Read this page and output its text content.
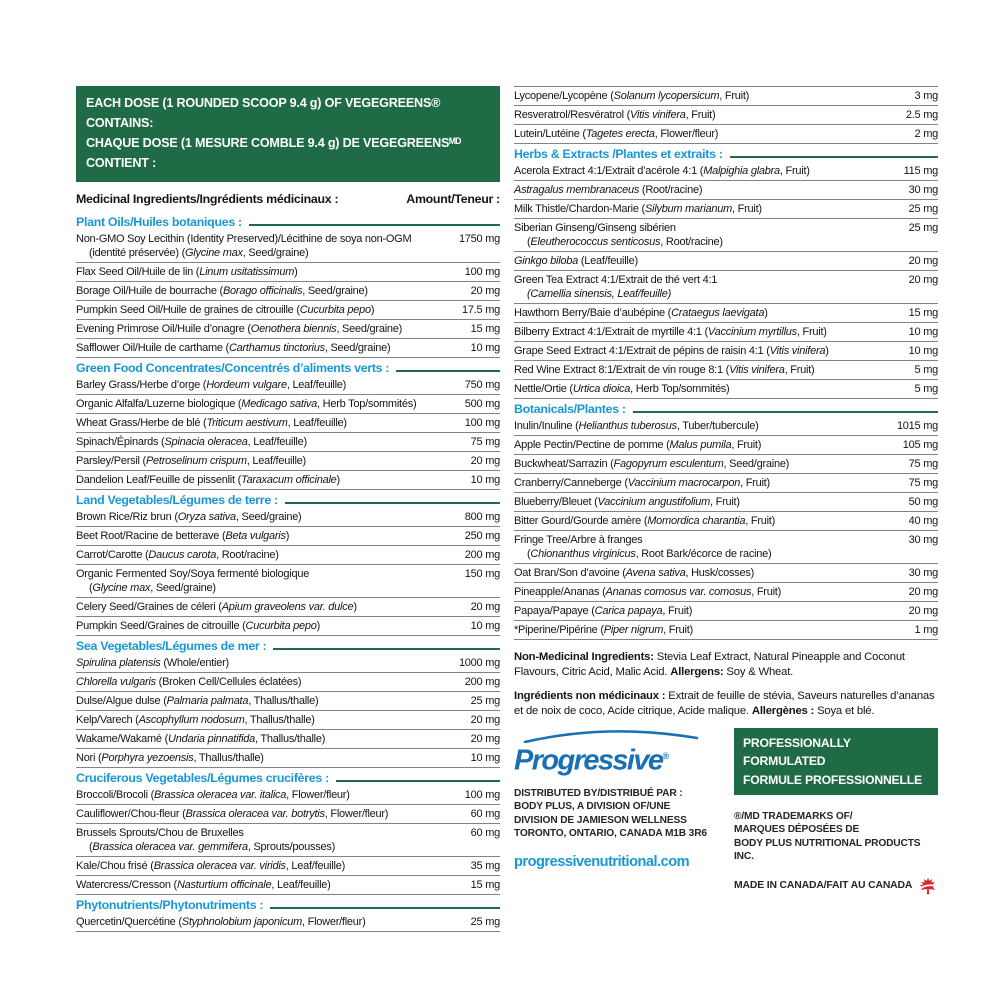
EACH DOSE (1 ROUNDED SCOOP 9.4 g) OF VEGEGREENS® CONTAINS:
CHAQUE DOSE (1 MESURE COMBLE 9.4 g) DE VEGEGREENSᴹᴰ CONTIENT :
Medicinal Ingredients/Ingrédients médicinaux :	Amount/Teneur :
Plant Oils/Huiles botaniques :
Non-GMO Soy Lecithin (Identity Preserved)/Lécithine de soya non-OGM
(identité préservée) (Glycine max, Seed/graine)
1750 mg
Flax Seed Oil/Huile de lin (Linum usitatissimum)	100 mg
Borage Oil/Huile de bourrache (Borago officinalis, Seed/graine)	20 mg
Pumpkin Seed Oil/Huile de graines de citrouille (Cucurbita pepo)	17.5 mg
Evening Primrose Oil/Huile d’onagre (Oenothera biennis, Seed/graine)	15 mg
Safflower Oil/Huile de carthame (Carthamus tinctorius, Seed/graine)	10 mg
Green Food Concentrates/Concentrés d’aliments verts :
Barley Grass/Herbe d’orge (Hordeum vulgare, Leaf/feuille)	750 mg
Organic Alfalfa/Luzerne biologique (Medicago sativa, Herb Top/sommités)	500 mg
Wheat Grass/Herbe de blé (Triticum aestivum, Leaf/feuille)	100 mg
Spinach/Épinards (Spinacia oleracea, Leaf/feuille)	75 mg
Parsley/Persil (Petroselinum crispum, Leaf/feuille)	20 mg
Dandelion Leaf/Feuille de pissenlit (Taraxacum officinale)	10 mg
Land Vegetables/Légumes de terre :
Brown Rice/Riz brun (Oryza sativa, Seed/graine)	800 mg
Beet Root/Racine de betterave (Beta vulgaris)	250 mg
Carrot/Carotte (Daucus carota, Root/racine)	200 mg
Organic Fermented Soy/Soya fermenté biologique
(Glycine max, Seed/graine)
150 mg
Celery Seed/Graines de céleri (Apium graveolens var. dulce)	20 mg
Pumpkin Seed/Graines de citrouille (Cucurbita pepo)	10 mg
Sea Vegetables/Légumes de mer :
Spirulina platensis (Whole/entier)	1000 mg
Chlorella vulgaris (Broken Cell/Cellules éclatées)	200 mg
Dulse/Algue dulse (Palmaria palmata, Thallus/thalle)	25 mg
Kelp/Varech (Ascophyllum nodosum, Thallus/thalle)	20 mg
Wakame/Wakamé (Undaria pinnatifida, Thallus/thalle)	20 mg
Nori (Porphyra yezoensis, Thallus/thalle)	10 mg
Cruciferous Vegetables/Légumes crucifères :
Broccoli/Brocoli (Brassica oleracea var. italica, Flower/fleur)	100 mg
Cauliflower/Chou-fleur (Brassica oleracea var. botrytis, Flower/fleur)	60 mg
Brussels Sprouts/Chou de Bruxelles
(Brassica oleracea var. gemmifera, Sprouts/pousses)
60 mg
Kale/Chou frisé (Brassica oleracea var. viridis, Leaf/feuille)	35 mg
Watercress/Cresson (Nasturtium officinale, Leaf/feuille)	15 mg
Phytonutrients/Phytonutriments :
Quercetin/Quercétine (Styphnolobium japonicum, Flower/fleur)	25 mg
Lycopene/Lycopène (Solanum lycopersicum, Fruit)	3 mg
Resveratrol/Resvératrol (Vitis vinifera, Fruit)	2.5 mg
Lutein/Lutéine (Tagetes erecta, Flower/fleur)	2 mg
Herbs & Extracts /Plantes et extraits :
Acerola Extract 4:1/Extrait d’acérole 4:1 (Malpighia glabra, Fruit)	115 mg
Astragalus membranaceus (Root/racine)	30 mg
Milk Thistle/Chardon-Marie (Silybum marianum, Fruit)	25 mg
Siberian Ginseng/Ginseng sibérien
(Eleutherococcus senticosus, Root/racine)
25 mg
Ginkgo biloba (Leaf/feuille)	20 mg
Green Tea Extract 4:1/Extrait de thé vert 4:1
(Camellia sinensis, Leaf/feuille)
20 mg
Hawthorn Berry/Baie d’aubépine (Crataegus laevigata)	15 mg
Bilberry Extract 4:1/Extrait de myrtille 4:1 (Vaccinium myrtillus, Fruit)	10 mg
Grape Seed Extract 4:1/Extrait de pépins de raisin 4:1 (Vitis vinifera)	10 mg
Red Wine Extract 8:1/Extrait de vin rouge 8:1 (Vitis vinifera, Fruit)	5 mg
Nettle/Ortie (Urtica dioica, Herb Top/sommités)	5 mg
Botanicals/Plantes :
Inulin/Inuline (Helianthus tuberosus, Tuber/tubercule)	1015 mg
Apple Pectin/Pectine de pomme (Malus pumila, Fruit)	105 mg
Buckwheat/Sarrazin (Fagopyrum esculentum, Seed/graine)	75 mg
Cranberry/Canneberge (Vaccinium macrocarpon, Fruit)	75 mg
Blueberry/Bleuet (Vaccinium angustifolium, Fruit)	50 mg
Bitter Gourd/Gourde amère (Momordica charantia, Fruit)	40 mg
Fringe Tree/Arbre à franges
(Chionanthus virginicus, Root Bark/écorce de racine)
30 mg
Oat Bran/Son d’avoine (Avena sativa, Husk/cosses)	30 mg
Pineapple/Ananas (Ananas comosus var. comosus, Fruit)	20 mg
Papaya/Papaye (Carica papaya, Fruit)	20 mg
*Piperine/Pipérine (Piper nigrum, Fruit)	1 mg
Non-Medicinal Ingredients: Stevia Leaf Extract, Natural Pineapple and Coconut Flavours, Citric Acid, Malic Acid. Allergens: Soy & Wheat.
Ingrédients non médicinaux : Extrait de feuille de stévia, Saveurs naturelles d’ananas et de noix de coco, Acide citrique, Acide malique. Allergènes : Soya et blé.
Progressive®
DISTRIBUTED BY/DISTRIBUÉ PAR :
BODY PLUS, A DIVISION OF/UNE
DIVISION DE JAMIESON WELLNESS
TORONTO, ONTARIO, CANADA M1B 3R6
progressivenutritional.com
PROFESSIONALLY FORMULATED
FORMULE PROFESSIONNELLE
®/MD TRADEMARKS OF/
MARQUES DÉPOSÉES DE
BODY PLUS NUTRITIONAL PRODUCTS INC.
MADE IN CANADA/FAIT AU CANADA
